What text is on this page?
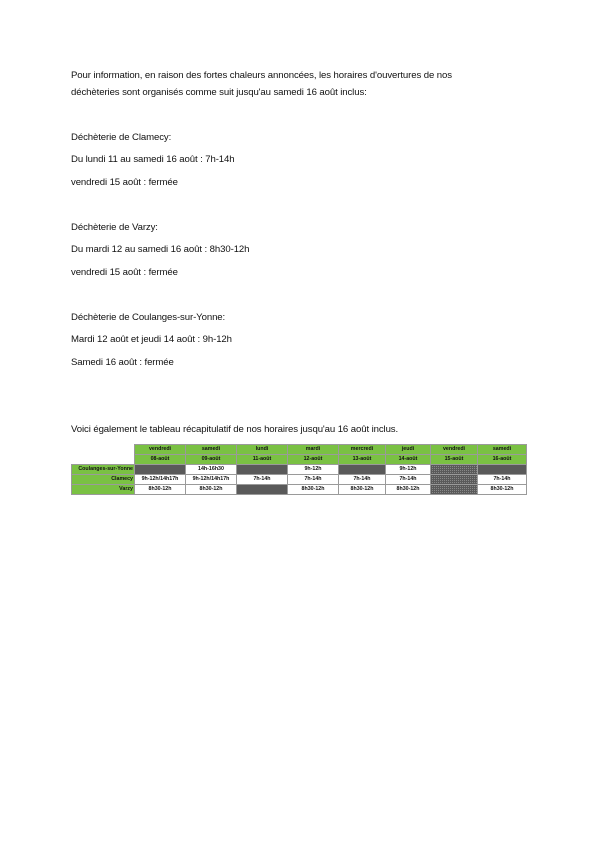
Pour information, en raison des fortes chaleurs annoncées, les horaires d'ouvertures de nos
déchèteries sont organisés comme suit jusqu'au samedi 16 août inclus:
Déchèterie de Clamecy:
Du lundi 11 au samedi 16 août : 7h-14h
vendredi 15 août : fermée
Déchèterie de Varzy:
Du mardi 12 au samedi 16 août : 8h30-12h
vendredi 15 août : fermée
Déchèterie de Coulanges-sur-Yonne:
Mardi 12 août et jeudi 14 août : 9h-12h
Samedi 16 août : fermée
Voici également le tableau récapitulatif de nos horaires jusqu'au 16 août inclus.
	vendredi	samedi	lundi	mardi	mercredi	jeudi	vendredi	samedi
	08-août	09-août	11-août	12-août	13-août	14-août	15-août	16-août
Coulanges-sur-Yonne		14h-16h30		9h-12h		9h-12h		
Clamecy	9h-12h/14h17h	9h-12h/14h17h	7h-14h	7h-14h	7h-14h	7h-14h		7h-14h
Varzy	8h30-12h	8h30-12h		8h30-12h	8h30-12h	8h30-12h		8h30-12h
